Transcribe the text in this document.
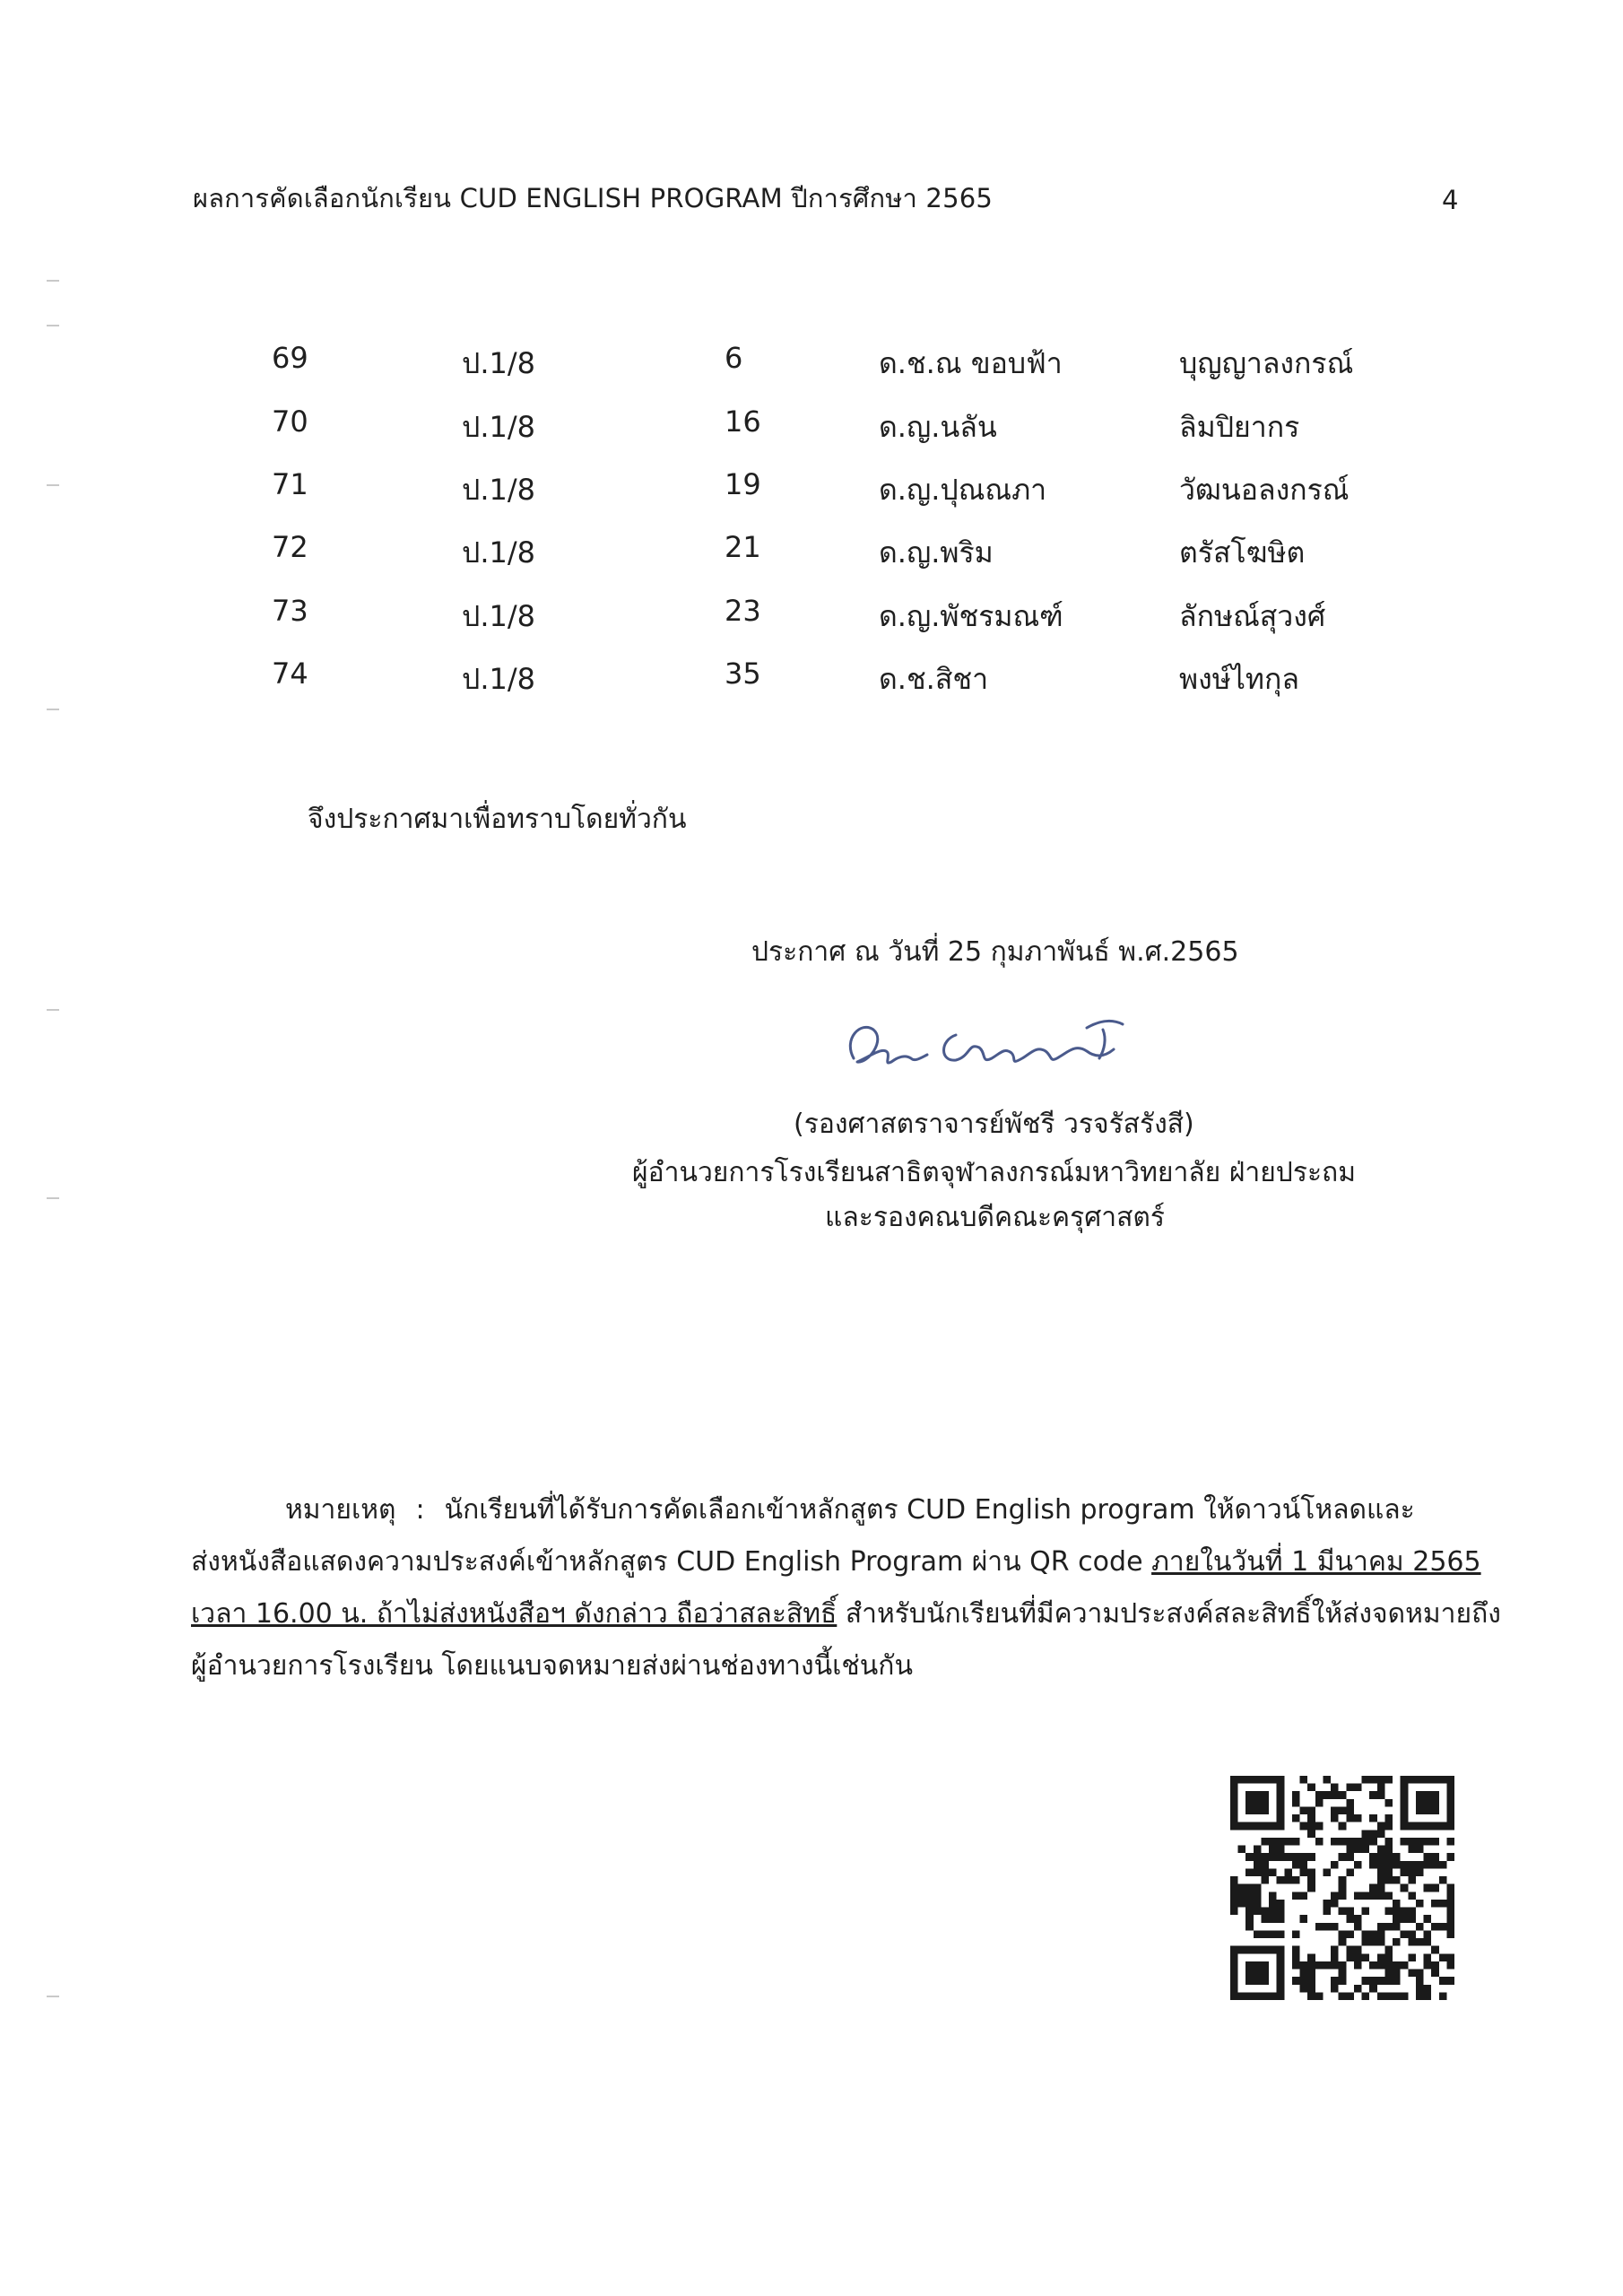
ผลการคัดเลือกนักเรียน CUD ENGLISH PROGRAM ปีการศึกษา 2565	4
69	ป.1/8	6	ด.ช.ณ ขอบฟ้า	บุญญาลงกรณ์
70	ป.1/8	16	ด.ญ.นลัน	ลิมปิยากร
71	ป.1/8	19	ด.ญ.ปุณณภา	วัฒนอลงกรณ์
72	ป.1/8	21	ด.ญ.พริม	ตรัสโฆษิต
73	ป.1/8	23	ด.ญ.พัชรมณฑ์	ลักษณ์สุวงศ์
74	ป.1/8	35	ด.ช.สิชา	พงษ์ไทกุล
จึงประกาศมาเพื่อทราบโดยทั่วกัน
ประกาศ ณ วันที่ 25 กุมภาพันธ์ พ.ศ.2565
(รองศาสตราจารย์พัชรี วรจรัสรังสี)
ผู้อำนวยการโรงเรียนสาธิตจุฬาลงกรณ์มหาวิทยาลัย ฝ่ายประถม
และรองคณบดีคณะครุศาสตร์
หมายเหตุ : นักเรียนที่ได้รับการคัดเลือกเข้าหลักสูตร CUD English program ให้ดาวน์โหลดและ
ส่งหนังสือแสดงความประสงค์เข้าหลักสูตร CUD English Program ผ่าน QR code ภายในวันที่ 1 มีนาคม 2565
เวลา 16.00 น. ถ้าไม่ส่งหนังสือฯ ดังกล่าว ถือว่าสละสิทธิ์ สำหรับนักเรียนที่มีความประสงค์สละสิทธิ์ให้ส่งจดหมายถึง
ผู้อำนวยการโรงเรียน โดยแนบจดหมายส่งผ่านช่องทางนี้เช่นกัน
